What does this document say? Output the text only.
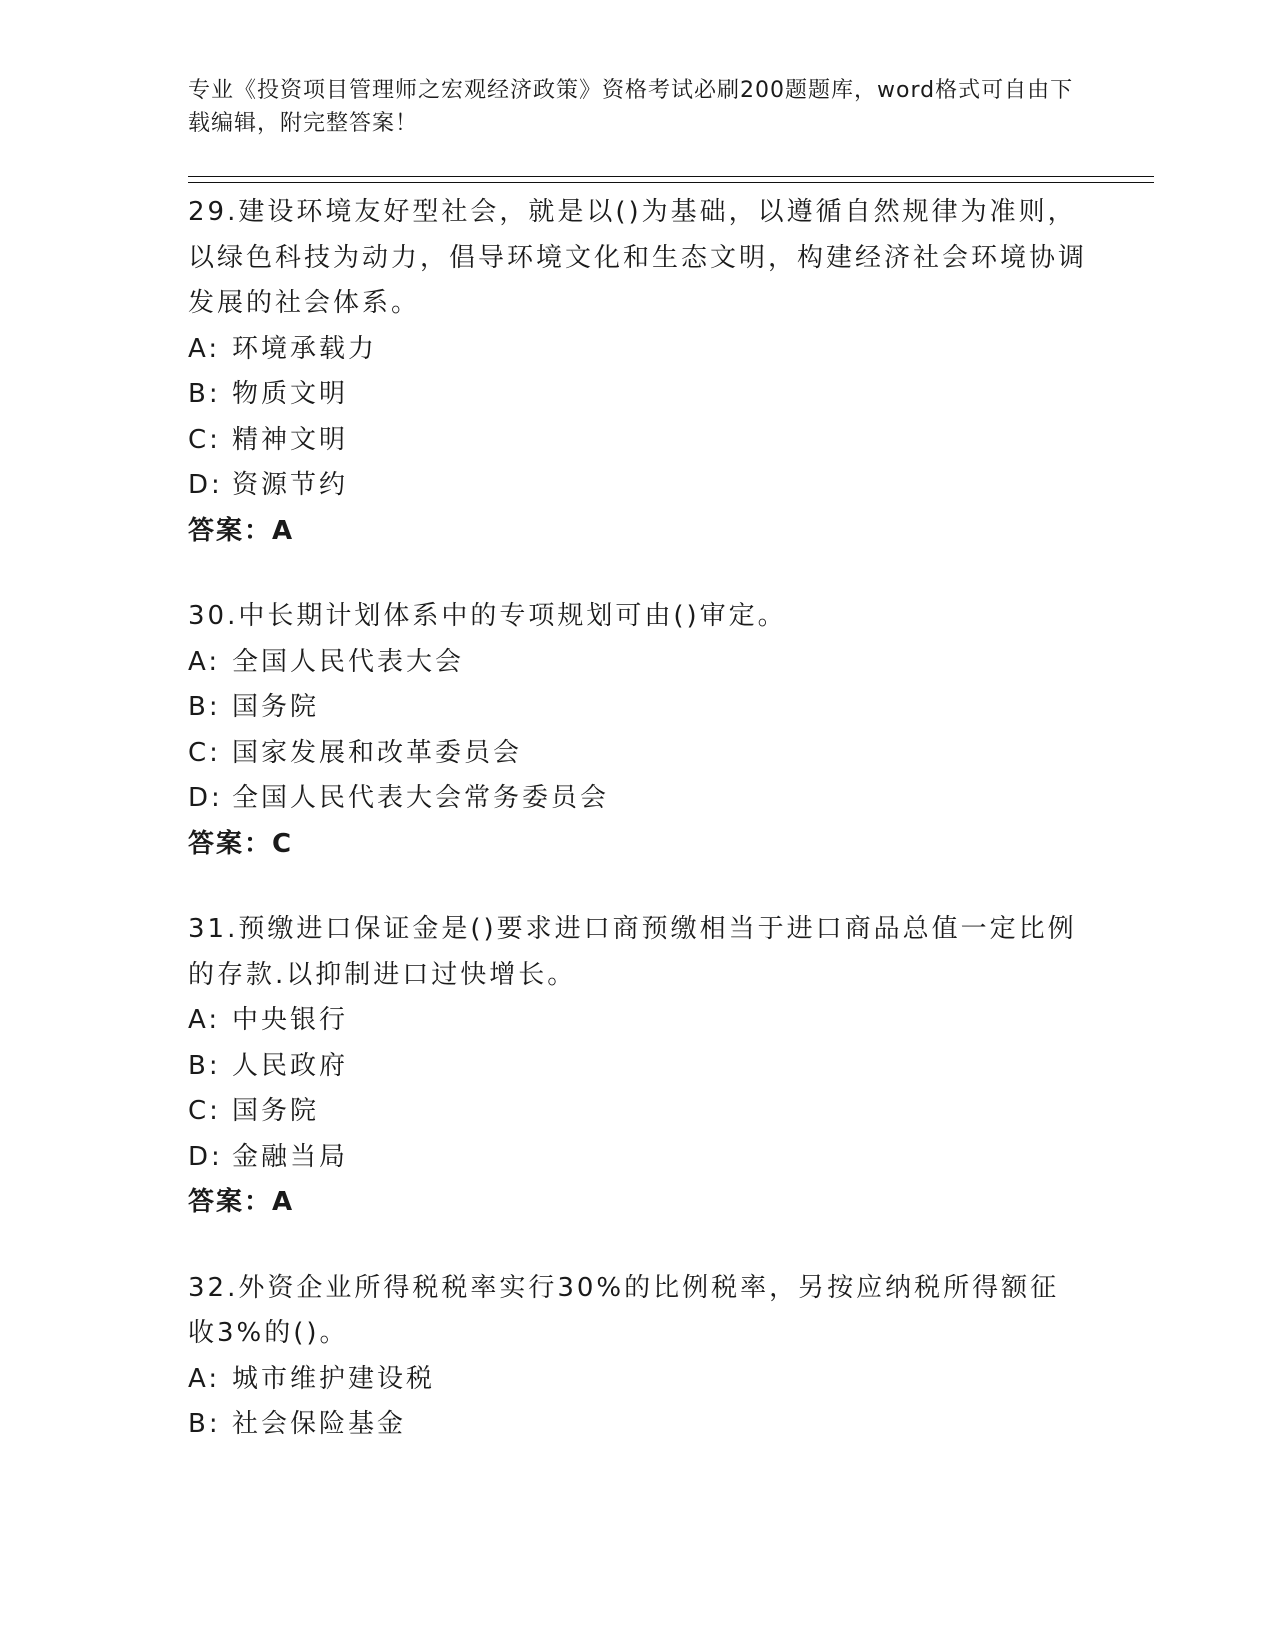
专业《投资项目管理师之宏观经济政策》资格考试必刷200题题库，word格式可自由下载编辑，附完整答案！

29.建设环境友好型社会，就是以()为基础，以遵循自然规律为准则，以绿色科技为动力，倡导环境文化和生态文明，构建经济社会环境协调发展的社会体系。

A: 环境承载力
B: 物质文明
C: 精神文明
D: 资源节约
答案：A

30.中长期计划体系中的专项规划可由()审定。

A: 全国人民代表大会
B: 国务院
C: 国家发展和改革委员会
D: 全国人民代表大会常务委员会
答案：C

31.预缴进口保证金是()要求进口商预缴相当于进口商品总值一定比例的存款.以抑制进口过快增长。

A: 中央银行
B: 人民政府
C: 国务院
D: 金融当局
答案：A

32.外资企业所得税税率实行30%的比例税率，另按应纳税所得额征收3%的()。

A: 城市维护建设税
B: 社会保险基金
